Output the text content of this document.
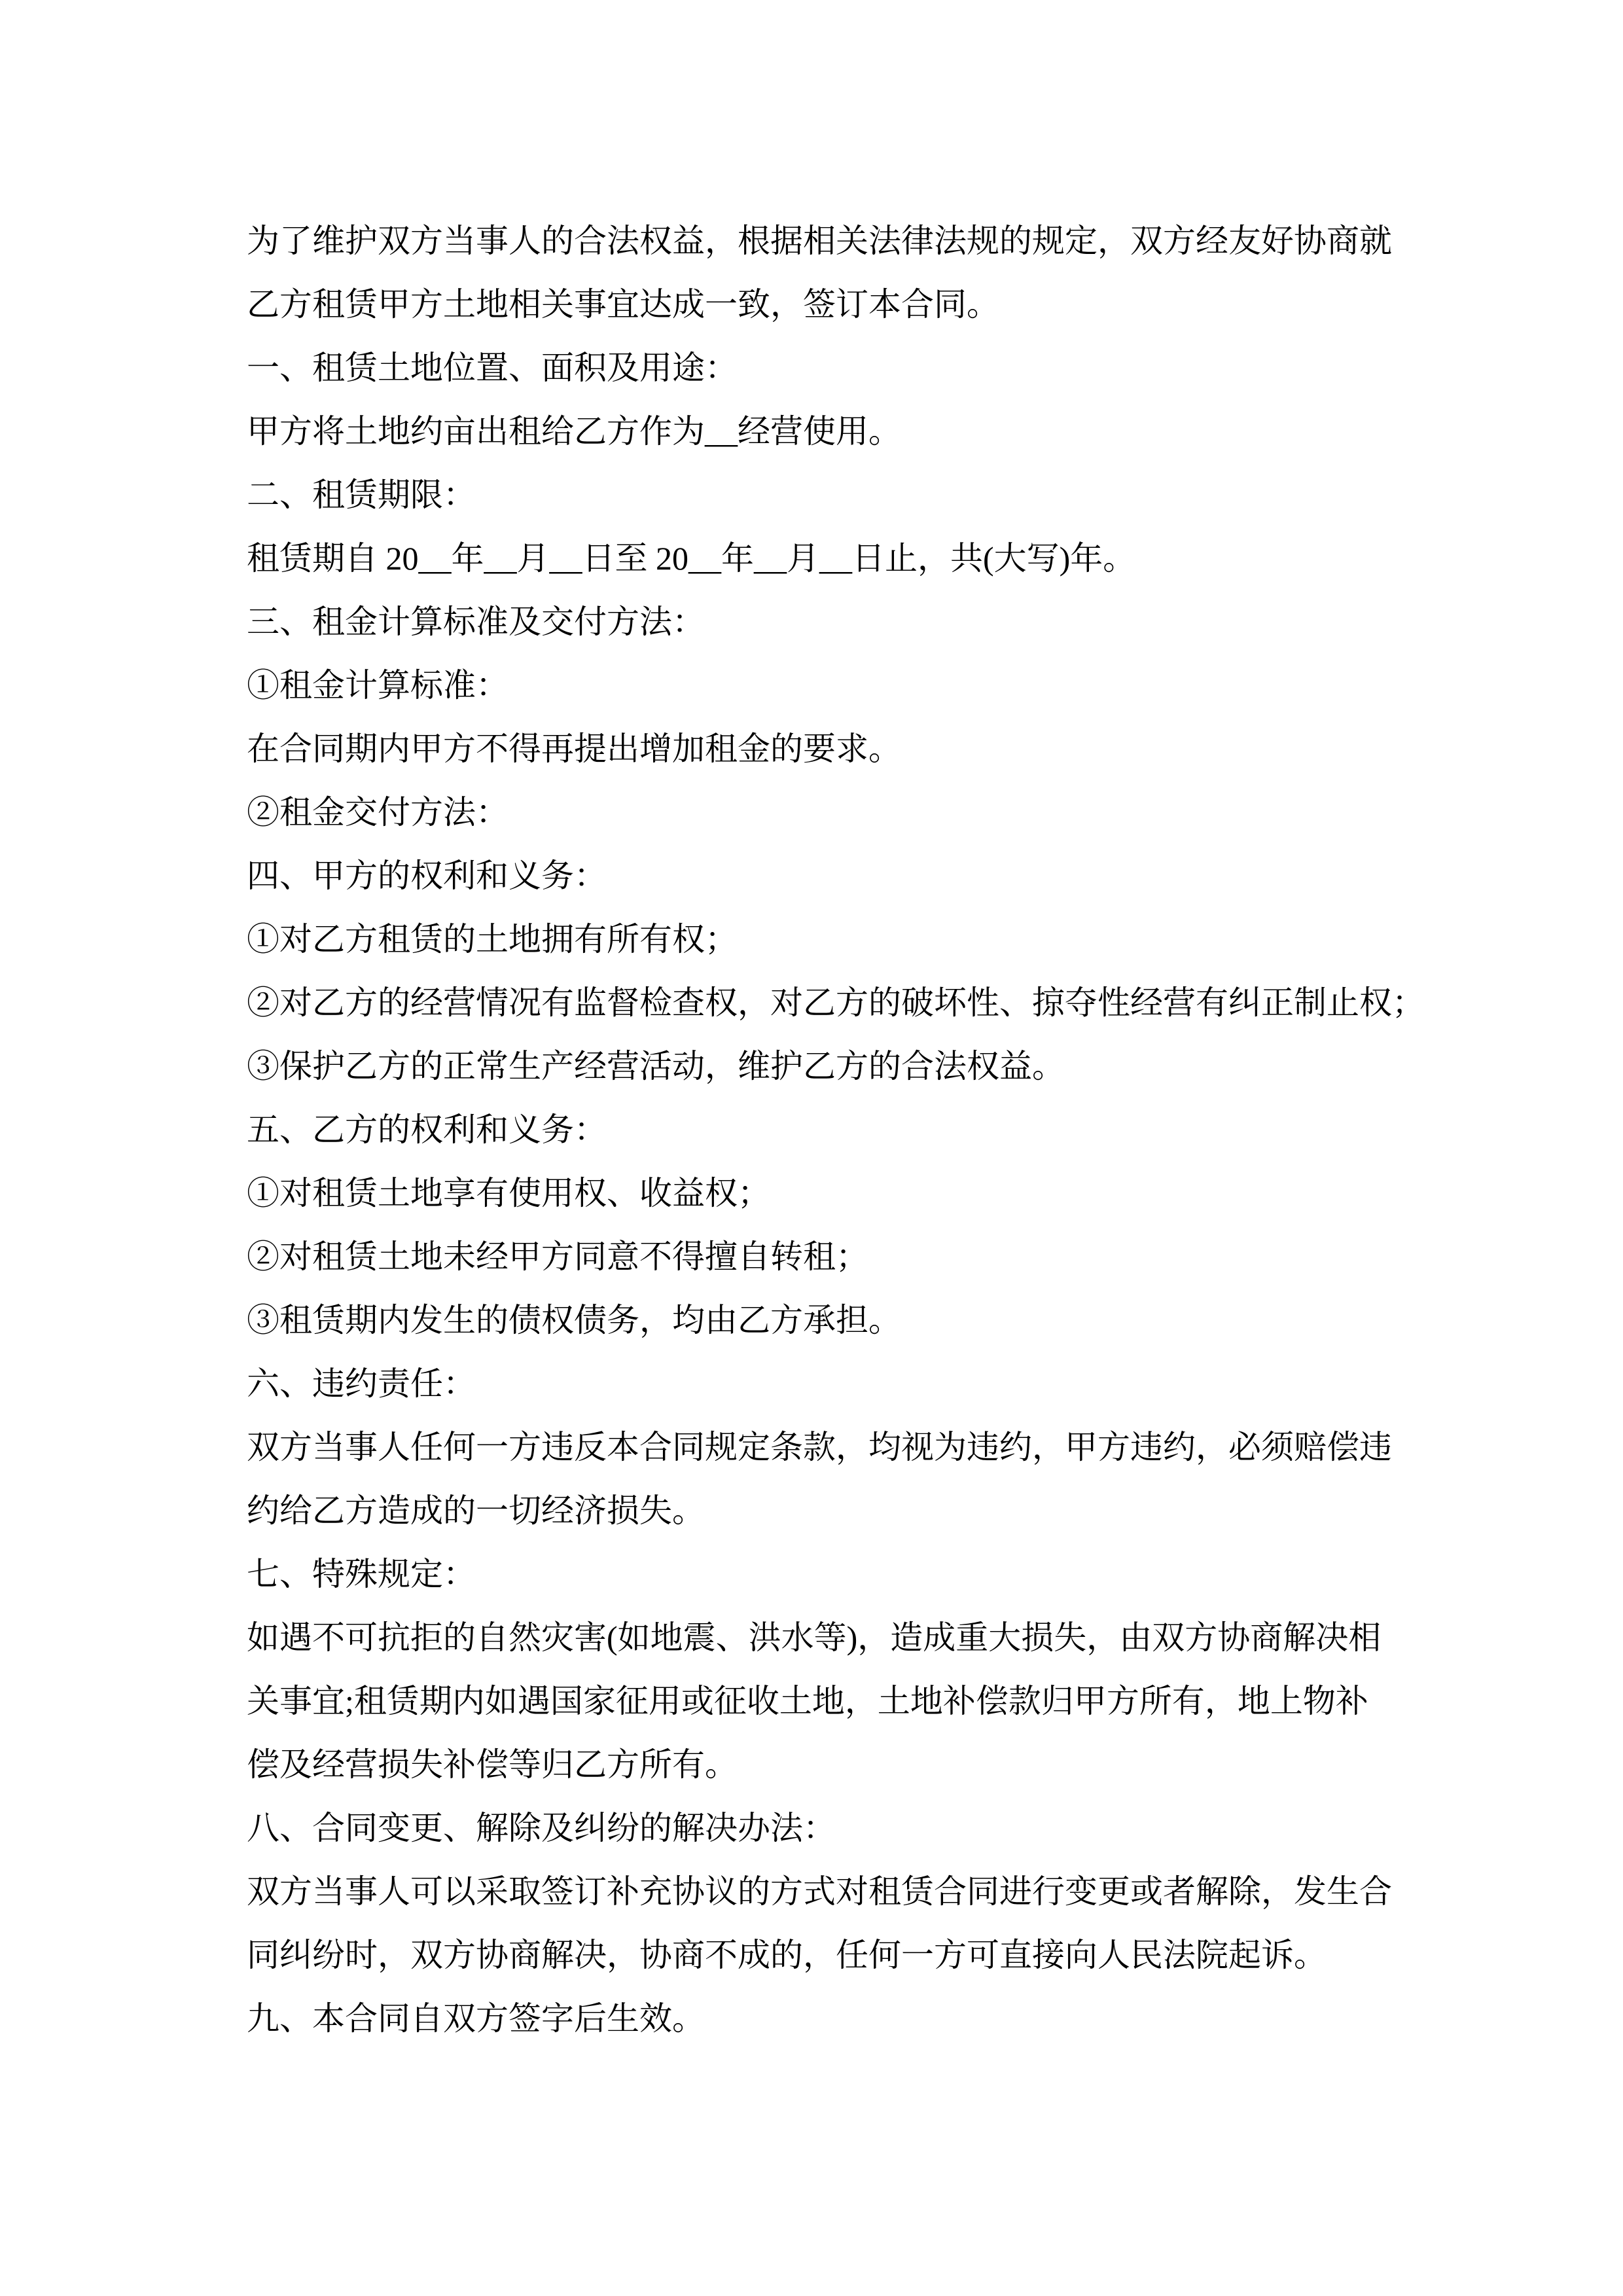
为了维护双方当事人的合法权益，根据相关法律法规的规定，双方经友好协商就
乙方租赁甲方土地相关事宜达成一致，签订本合同。
一、租赁土地位置、面积及用途：
甲方将土地约亩出租给乙方作为__经营使用。
二、租赁期限：
租赁期自 20__年__月__日至 20__年__月__日止，共(大写)年。
三、租金计算标准及交付方法：
①租金计算标准：
在合同期内甲方不得再提出增加租金的要求。
②租金交付方法：
四、甲方的权利和义务：
①对乙方租赁的土地拥有所有权；
②对乙方的经营情况有监督检查权，对乙方的破坏性、掠夺性经营有纠正制止权；
③保护乙方的正常生产经营活动，维护乙方的合法权益。
五、乙方的权利和义务：
①对租赁土地享有使用权、收益权；
②对租赁土地未经甲方同意不得擅自转租；
③租赁期内发生的债权债务，均由乙方承担。
六、违约责任：
双方当事人任何一方违反本合同规定条款，均视为违约，甲方违约，必须赔偿违
约给乙方造成的一切经济损失。
七、特殊规定：
如遇不可抗拒的自然灾害(如地震、洪水等)，造成重大损失，由双方协商解决相
关事宜;租赁期内如遇国家征用或征收土地，土地补偿款归甲方所有，地上物补
偿及经营损失补偿等归乙方所有。
八、合同变更、解除及纠纷的解决办法：
双方当事人可以采取签订补充协议的方式对租赁合同进行变更或者解除，发生合
同纠纷时，双方协商解决，协商不成的，任何一方可直接向人民法院起诉。
九、本合同自双方签字后生效。
